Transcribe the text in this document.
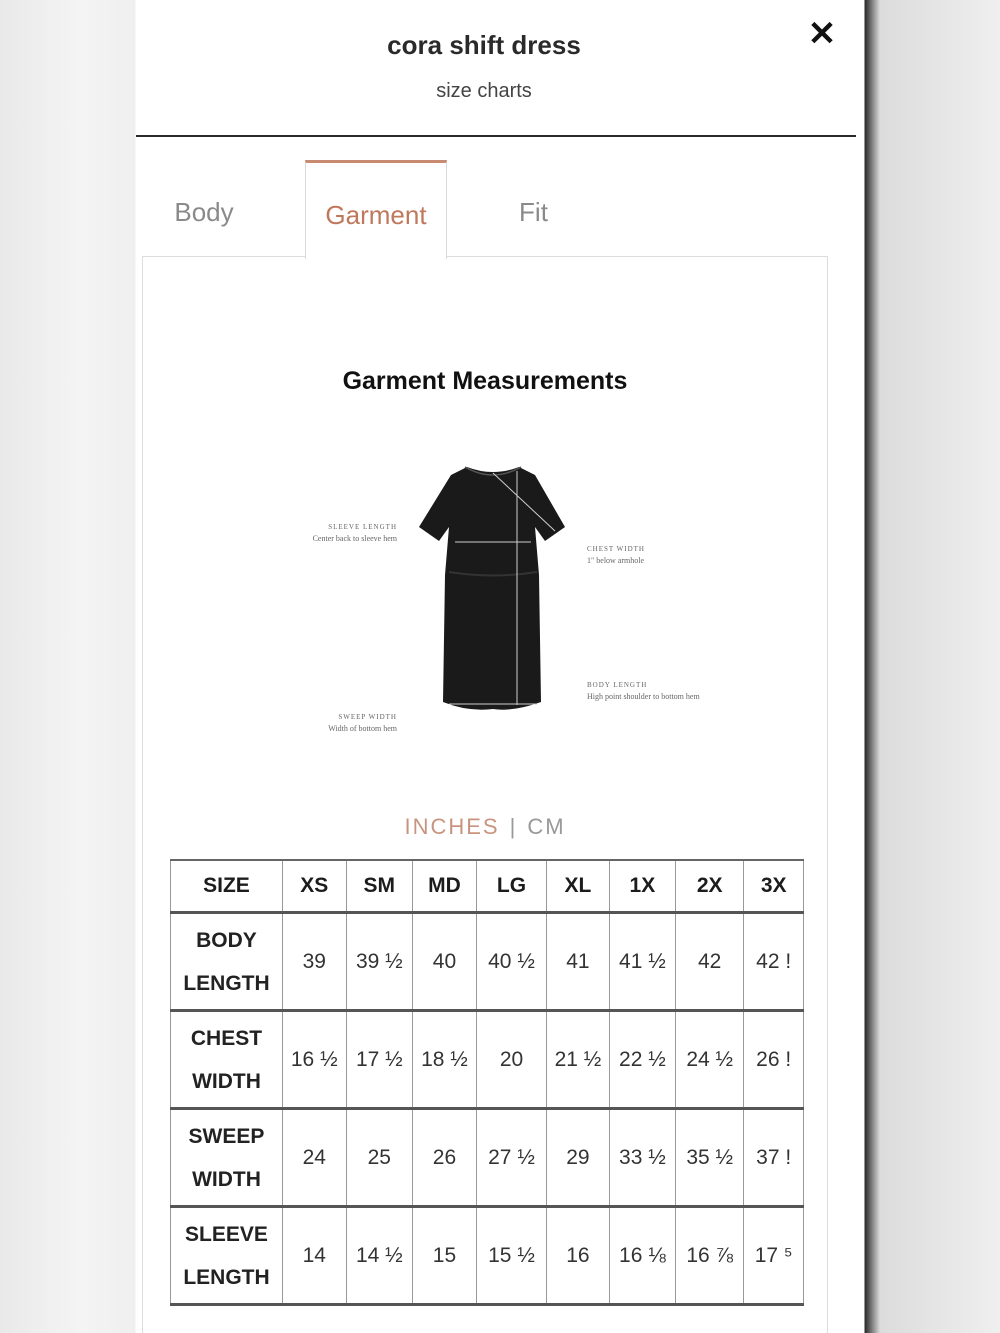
cora shift dress
size charts
✕
Body	Garment	Fit
Garment Measurements
SLEEVE LENGTH
Center back to sleeve hem
CHEST WIDTH
1" below armhole
BODY LENGTH
High point shoulder to bottom hem
SWEEP WIDTH
Width of bottom hem
INCHES | CM
SIZE	XS	SM	MD	LG	XL	1X	2X	3X

BODY
LENGTH	39	39 ½	40	40 ½	41	41 ½	42	42 !

CHEST
WIDTH	16 ½	17 ½	18 ½	20	21 ½	22 ½	24 ½	26 !

SWEEP
WIDTH	24	25	26	27 ½	29	33 ½	35 ½	37 !

SLEEVE
LENGTH	14	14 ½	15	15 ½	16	16 ⅛	16 ⅞	17 ⁵
